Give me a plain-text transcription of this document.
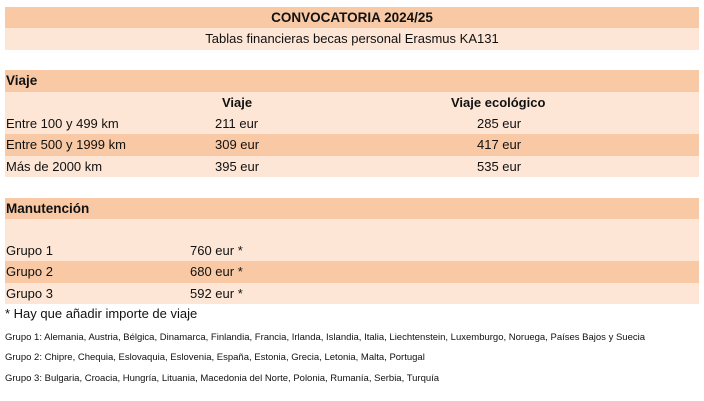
CONVOCATORIA 2024/25
Tablas financieras becas personal Erasmus KA131
Viaje
Viaje	Viaje ecológico
Entre 100 y 499 km	211 eur	285 eur
Entre 500 y 1999 km	309 eur	417 eur
Más de 2000 km	395 eur	535 eur
Manutención
Grupo 1	760 eur *
Grupo 2	680 eur *
Grupo 3	592 eur *
* Hay que añadir importe de viaje
Grupo 1: Alemania, Austria, Bélgica, Dinamarca, Finlandia, Francia, Irlanda, Islandia, Italia, Liechtenstein, Luxemburgo, Noruega, Países Bajos y Suecia
Grupo 2: Chipre, Chequia, Eslovaquia, Eslovenia, España, Estonia, Grecia, Letonia, Malta, Portugal
Grupo 3: Bulgaria, Croacia, Hungría, Lituania, Macedonia del Norte, Polonia, Rumanía, Serbia, Turquía
